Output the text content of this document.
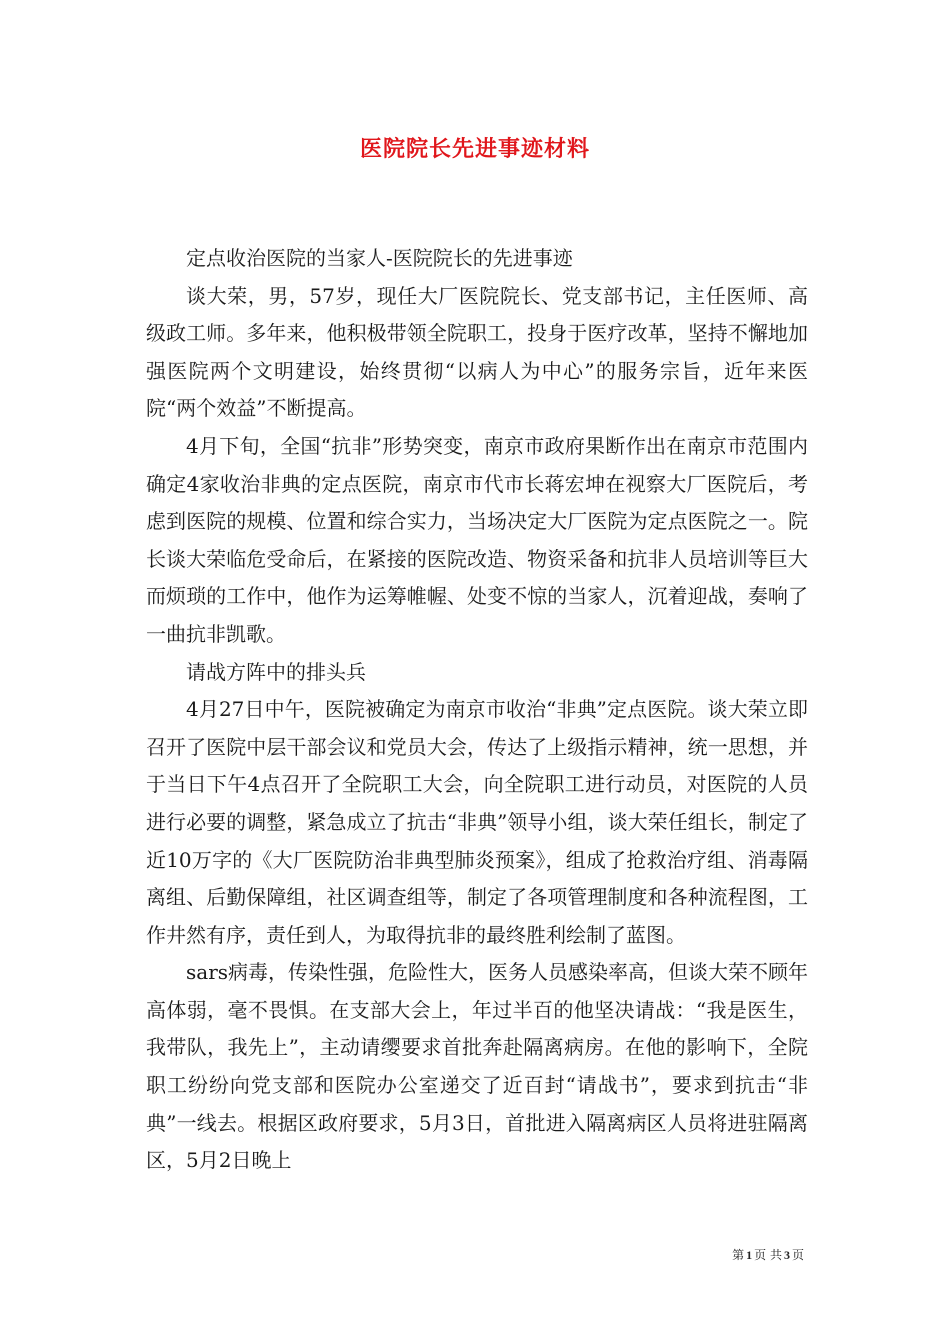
医院院长先进事迹材料

定点收治医院的当家人-医院院长的先进事迹

谈大荣，男，57岁，现任大厂医院院长、党支部书记，主任医师、高级政工师。多年来，他积极带领全院职工，投身于医疗改革，坚持不懈地加强医院两个文明建设，始终贯彻“以病人为中心”的服务宗旨，近年来医院“两个效益”不断提高。

4月下旬，全国“抗非”形势突变，南京市政府果断作出在南京市范围内确定4家收治非典的定点医院，南京市代市长蒋宏坤在视察大厂医院后，考虑到医院的规模、位置和综合实力，当场决定大厂医院为定点医院之一。院长谈大荣临危受命后，在紧接的医院改造、物资采备和抗非人员培训等巨大而烦琐的工作中，他作为运筹帷幄、处变不惊的当家人，沉着迎战，奏响了一曲抗非凯歌。

请战方阵中的排头兵

4月27日中午，医院被确定为南京市收治“非典”定点医院。谈大荣立即召开了医院中层干部会议和党员大会，传达了上级指示精神，统一思想，并于当日下午4点召开了全院职工大会，向全院职工进行动员，对医院的人员进行必要的调整，紧急成立了抗击“非典”领导小组，谈大荣任组长，制定了近10万字的《大厂医院防治非典型肺炎预案》，组成了抢救治疗组、消毒隔离组、后勤保障组，社区调查组等，制定了各项管理制度和各种流程图，工作井然有序，责任到人，为取得抗非的最终胜利绘制了蓝图。

sars病毒，传染性强，危险性大，医务人员感染率高，但谈大荣不顾年高体弱，毫不畏惧。在支部大会上，年过半百的他坚决请战：“我是医生，我带队，我先上”，主动请缨要求首批奔赴隔离病房。在他的影响下，全院职工纷纷向党支部和医院办公室递交了近百封“请战书”，要求到抗击“非典”一线去。根据区政府要求，5月3日，首批进入隔离病区人员将进驻隔离区，5月2日晚上

第 1 页 共 3 页
